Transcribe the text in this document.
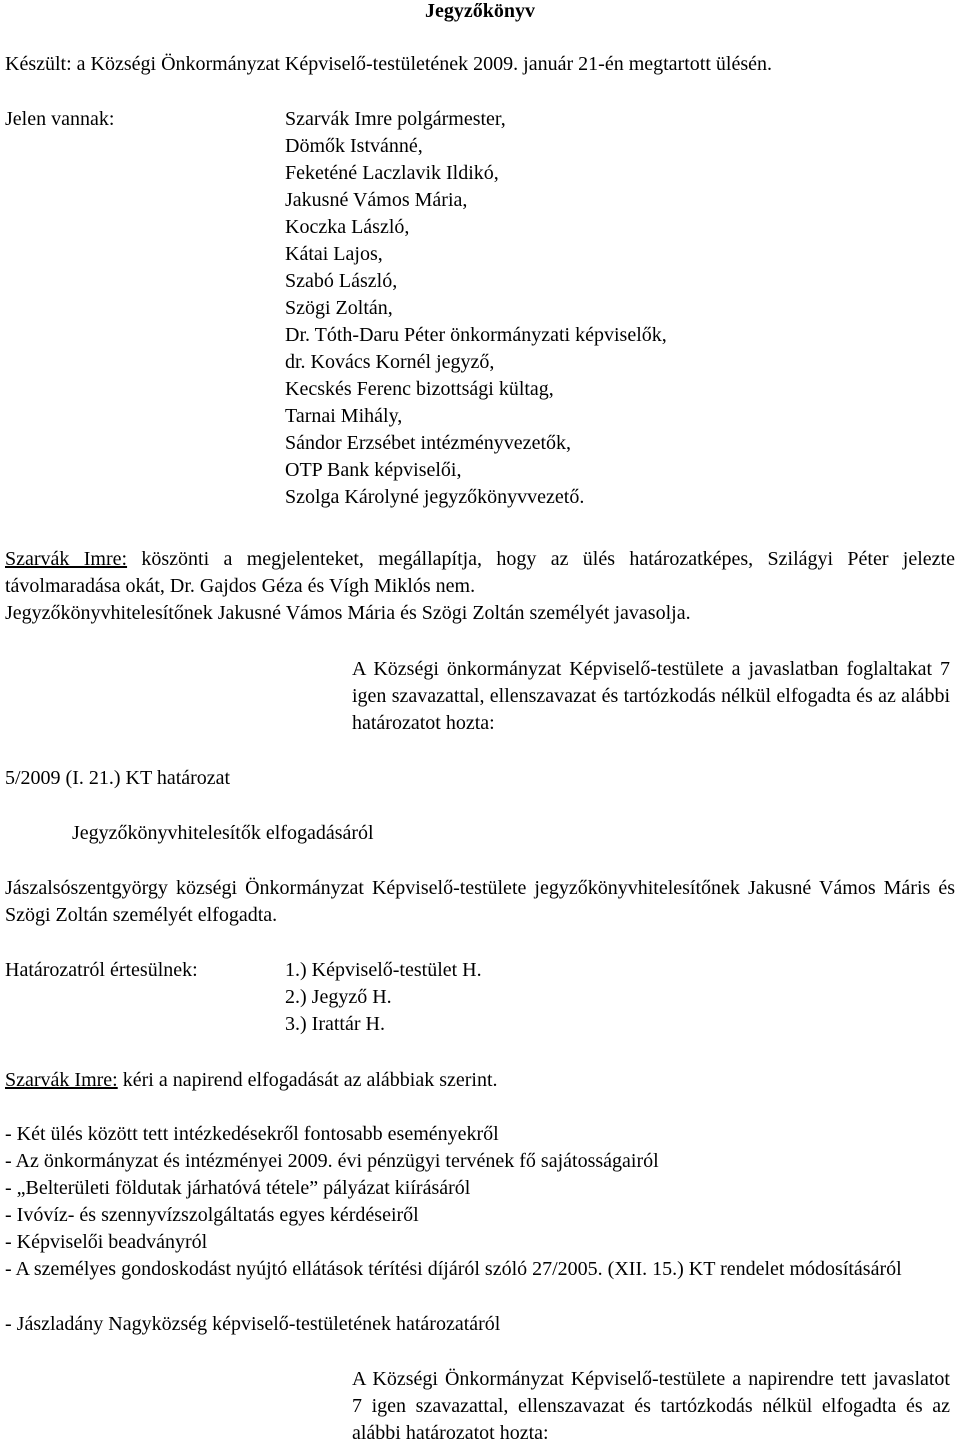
Jegyzőkönyv
Készült: a Községi Önkormányzat Képviselő-testületének 2009. január 21-én megtartott ülésén.
Jelen vannak:	Szarvák Imre polgármester,
Dömők Istvánné,
Feketéné Laczlavik Ildikó,
Jakusné Vámos Mária,
Koczka László,
Kátai Lajos,
Szabó László,
Szögi Zoltán,
Dr. Tóth-Daru Péter önkormányzati képviselők,
dr. Kovács Kornél jegyző,
Kecskés Ferenc bizottsági kültag,
Tarnai Mihály,
Sándor Erzsébet intézményvezetők,
OTP Bank képviselői,
Szolga Károlyné jegyzőkönyvvezető.
Szarvák Imre: köszönti a megjelenteket, megállapítja, hogy az ülés határozatképes, Szilágyi Péter jelezte távolmaradása okát, Dr. Gajdos Géza és Vígh Miklós nem.
Jegyzőkönyvhitelesítőnek Jakusné Vámos Mária és Szögi Zoltán személyét javasolja.
A Községi önkormányzat Képviselő-testülete a javaslatban foglaltakat 7 igen szavazattal, ellenszavazat és tartózkodás nélkül elfogadta és az alábbi határozatot hozta:
5/2009 (I. 21.) KT határozat
Jegyzőkönyvhitelesítők elfogadásáról
Jászalsószentgyörgy községi Önkormányzat Képviselő-testülete jegyzőkönyvhitelesítőnek Jakusné Vámos Máris és Szögi Zoltán személyét elfogadta.
Határozatról értesülnek:	1.) Képviselő-testület H.
2.) Jegyző H.
3.) Irattár H.
Szarvák Imre: kéri a napirend elfogadását az alábbiak szerint.
- Két ülés között tett intézkedésekről fontosabb eseményekről
- Az önkormányzat és intézményei 2009. évi pénzügyi tervének fő sajátosságairól
- „Belterületi földutak járhatóvá tétele” pályázat kiírásáról
- Ivóvíz- és szennyvízszolgáltatás egyes kérdéseiről
- Képviselői beadványról
- A személyes gondoskodást nyújtó ellátások térítési díjáról szóló 27/2005. (XII. 15.) KT rendelet módosításáról
- Jászladány Nagyközség képviselő-testületének határozatáról
A Községi Önkormányzat Képviselő-testülete a napirendre tett javaslatot 7 igen szavazattal, ellenszavazat és tartózkodás nélkül elfogadta és az alábbi határozatot hozta:
